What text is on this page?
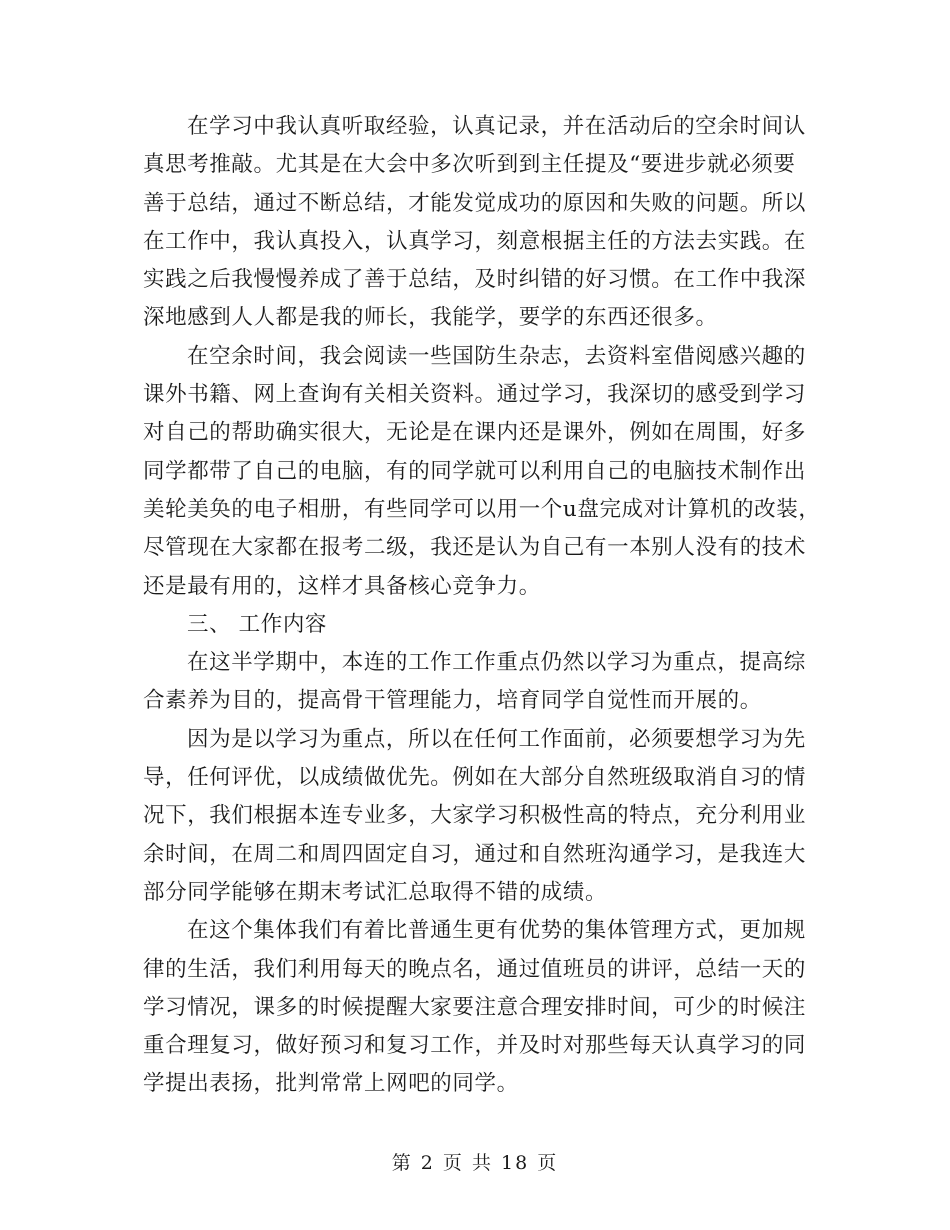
在学习中我认真听取经验，认真记录，并在活动后的空余时间认
真思考推敲。尤其是在大会中多次听到到主任提及“要进步就必须要
善于总结，通过不断总结，才能发觉成功的原因和失败的问题。所以
在工作中，我认真投入，认真学习，刻意根据主任的方法去实践。在
实践之后我慢慢养成了善于总结，及时纠错的好习惯。在工作中我深
深地感到人人都是我的师长，我能学，要学的东西还很多。
在空余时间，我会阅读一些国防生杂志，去资料室借阅感兴趣的
课外书籍、网上查询有关相关资料。通过学习，我深切的感受到学习
对自己的帮助确实很大，无论是在课内还是课外，例如在周围，好多
同学都带了自己的电脑，有的同学就可以利用自己的电脑技术制作出
美轮美奂的电子相册，有些同学可以用一个u盘完成对计算机的改装，
尽管现在大家都在报考二级，我还是认为自己有一本别人没有的技术
还是最有用的，这样才具备核心竞争力。
三、 工作内容
在这半学期中，本连的工作工作重点仍然以学习为重点，提高综
合素养为目的，提高骨干管理能力，培育同学自觉性而开展的。
因为是以学习为重点，所以在任何工作面前，必须要想学习为先
导，任何评优，以成绩做优先。例如在大部分自然班级取消自习的情
况下，我们根据本连专业多，大家学习积极性高的特点，充分利用业
余时间，在周二和周四固定自习，通过和自然班沟通学习，是我连大
部分同学能够在期末考试汇总取得不错的成绩。
在这个集体我们有着比普通生更有优势的集体管理方式，更加规
律的生活，我们利用每天的晚点名，通过值班员的讲评，总结一天的
学习情况，课多的时候提醒大家要注意合理安排时间，可少的时候注
重合理复习，做好预习和复习工作，并及时对那些每天认真学习的同
学提出表扬，批判常常上网吧的同学。
第 2 页 共 18 页
